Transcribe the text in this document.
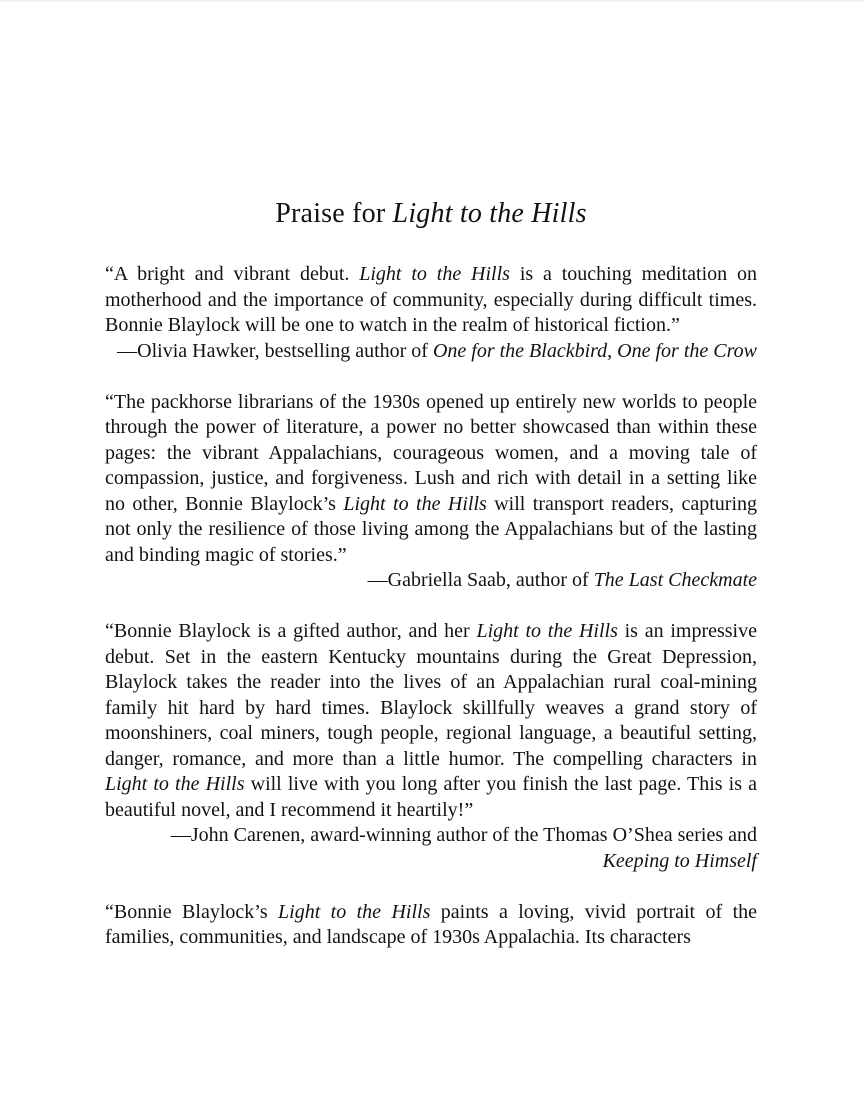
Praise for Light to the Hills

“A bright and vibrant debut. Light to the Hills is a touching meditation on motherhood and the importance of community, especially during difficult times. Bonnie Blaylock will be one to watch in the realm of historical fiction.”

—Olivia Hawker, bestselling author of One for the Blackbird, One for the Crow

“The packhorse librarians of the 1930s opened up entirely new worlds to people through the power of literature, a power no better showcased than within these pages: the vibrant Appalachians, courageous women, and a moving tale of compassion, justice, and forgiveness. Lush and rich with detail in a setting like no other, Bonnie Blaylock’s Light to the Hills will transport readers, capturing not only the resilience of those living among the Appalachians but of the lasting and binding magic of stories.”

—Gabriella Saab, author of The Last Checkmate

“Bonnie Blaylock is a gifted author, and her Light to the Hills is an impressive debut. Set in the eastern Kentucky mountains during the Great Depression, Blaylock takes the reader into the lives of an Appalachian rural coal-mining family hit hard by hard times. Blaylock skillfully weaves a grand story of moonshiners, coal miners, tough people, regional language, a beautiful setting, danger, romance, and more than a little humor. The compelling characters in Light to the Hills will live with you long after you finish the last page. This is a beautiful novel, and I recommend it heartily!”

—John Carenen, award-winning author of the Thomas O’Shea series and Keeping to Himself

“Bonnie Blaylock’s Light to the Hills paints a loving, vivid portrait of the families, communities, and landscape of 1930s Appalachia. Its characters
